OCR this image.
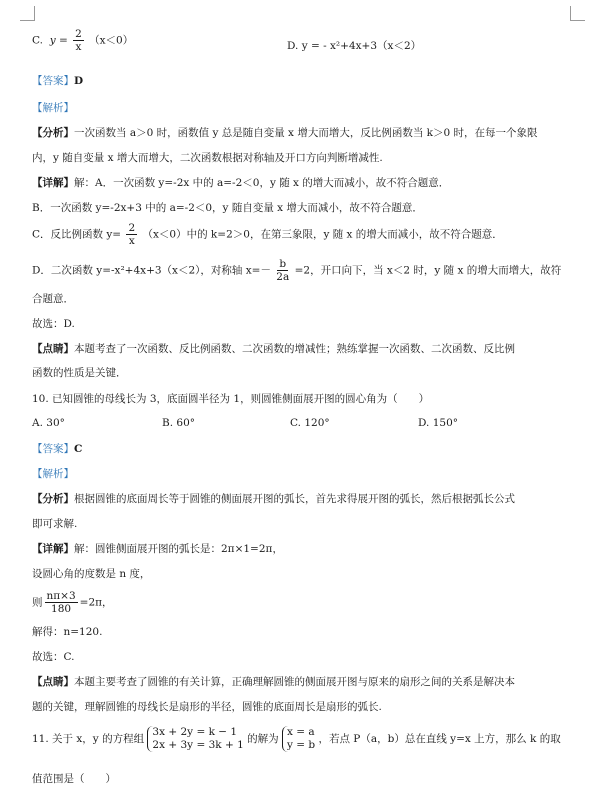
C. $y = \frac{2}{x} (x<0)$	D. y = - x²+4x+3（x＜2）
【答案】D
【解析】
【分析】一次函数当 a＞0 时，函数值 y 总是随自变量 x 增大而增大，反比例函数当 k＞0 时，在每一个象限
内，y 随自变量 x 增大而增大，二次函数根据对称轴及开口方向判断增减性.
【详解】解：A．一次函数 y=-2x 中的 a=-2＜0，y 随 x 的增大而减小，故不符合题意．
B．一次函数 y=-2x+3 中的 a=-2＜0，y 随自变量 x 增大而减小，故不符合题意．
C．反比例函数 $y= \frac{2}{x} (x<0)$中的 k=2＞0，在第三象限，y 随 x 的增大而减小，故不符合题意．
D．二次函数 y=-x²+4x+3（x＜2），对称轴 $x=- \frac{b}{2a} =2$，开口向下，当 x＜2 时，y 随 x 的增大而增大，故符
合题意．
故选：D.
【点睛】本题考查了一次函数、反比例函数、二次函数的增减性；熟练掌握一次函数、二次函数、反比例
函数的性质是关键．
10. 已知圆锥的母线长为 3，底面圆半径为 1，则圆锥侧面展开图的圆心角为（　　）
A. 30°	B. 60°	C. 120°	D. 150°
【答案】C
【解析】
【分析】根据圆锥的底面周长等于圆锥的侧面展开图的弧长，首先求得展开图的弧长，然后根据弧长公式
即可求解.
【详解】解：圆锥侧面展开图的弧长是：2π×1=2π，
设圆心角的度数是 n 度，
则 $\frac{n\pi\times 3}{180} =2\pi$，
解得：n=120.
故选：C.
【点睛】本题主要考查了圆锥的有关计算，正确理解圆锥的侧面展开图与原来的扇形之间的关系是解决本
题的关键，理解圆锥的母线长是扇形的半径，圆锥的底面周长是扇形的弧长.
11. 关于 x，y 的方程组
3x + 2y = k − 1
2x + 3y = 3k + 1 的解为
x = a
y = b ，若点 P（a，b）总在直线 y=x 上方，那么 k 的取
值范围是（　　）
